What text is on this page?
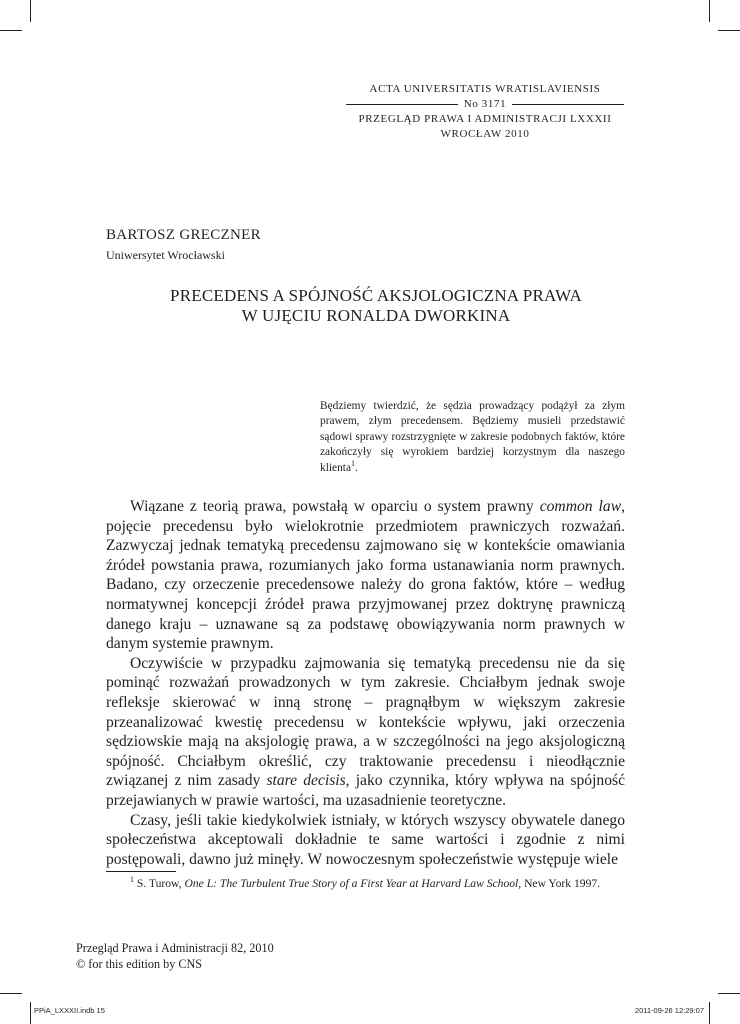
ACTA UNIVERSITATIS WRATISLAVIENSIS
No 3171
PRZEGLĄD PRAWA I ADMINISTRACJI LXXXII
WROCŁAW 2010
BARTOSZ GRECZNER
Uniwersytet Wrocławski
PRECEDENS A SPÓJNOŚĆ AKSJOLOGICZNA PRAWA
W UJĘCIU RONALDA DWORKINA
Będziemy twierdzić, że sędzia prowadzący podążył za złym prawem, złym precedensem. Będziemy musieli przedstawić sądowi sprawy rozstrzygnięte w zakresie podobnych faktów, które zakończyły się wyrokiem bardziej korzystnym dla naszego klienta$^1$.

Wiązane z teorią prawa, powstałą w oparciu o system prawny common law, pojęcie precedensu było wielokrotnie przedmiotem prawniczych rozważań. Zazwyczaj jednak tematyką precedensu zajmowano się w kontekście omawiania źródeł powstania prawa, rozumianych jako forma ustanawiania norm prawnych. Badano, czy orzeczenie precedensowe należy do grona faktów, które – według normatywnej koncepcji źródeł prawa przyjmowanej przez doktrynę prawniczą danego kraju – uznawane są za podstawę obowiązywania norm prawnych w danym systemie prawnym.

Oczywiście w przypadku zajmowania się tematyką precedensu nie da się pominąć rozważań prowadzonych w tym zakresie. Chciałbym jednak swoje refleksje skierować w inną stronę – pragnąłbym w większym zakresie przeanalizować kwestię precedensu w kontekście wpływu, jaki orzeczenia sędziowskie mają na aksjologię prawa, a w szczególności na jego aksjologiczną spójność. Chciałbym określić, czy traktowanie precedensu i nieodłącznie związanej z nim zasady stare decisis, jako czynnika, który wpływa na spójność przejawianych w prawie wartości, ma uzasadnienie teoretyczne.

Czasy, jeśli takie kiedykolwiek istniały, w których wszyscy obywatele danego społeczeństwa akceptowali dokładnie te same wartości i zgodnie z nimi postępowali, dawno już minęły. W nowoczesnym społeczeństwie występuje wiele

$^1$ S. Turow, One L: The Turbulent True Story of a First Year at Harvard Law School, New York 1997.
Przegląd Prawa i Administracji 82, 2010
© for this edition by CNS
PPiA_LXXXII.indb 15	2011-09-26 12:29:07
